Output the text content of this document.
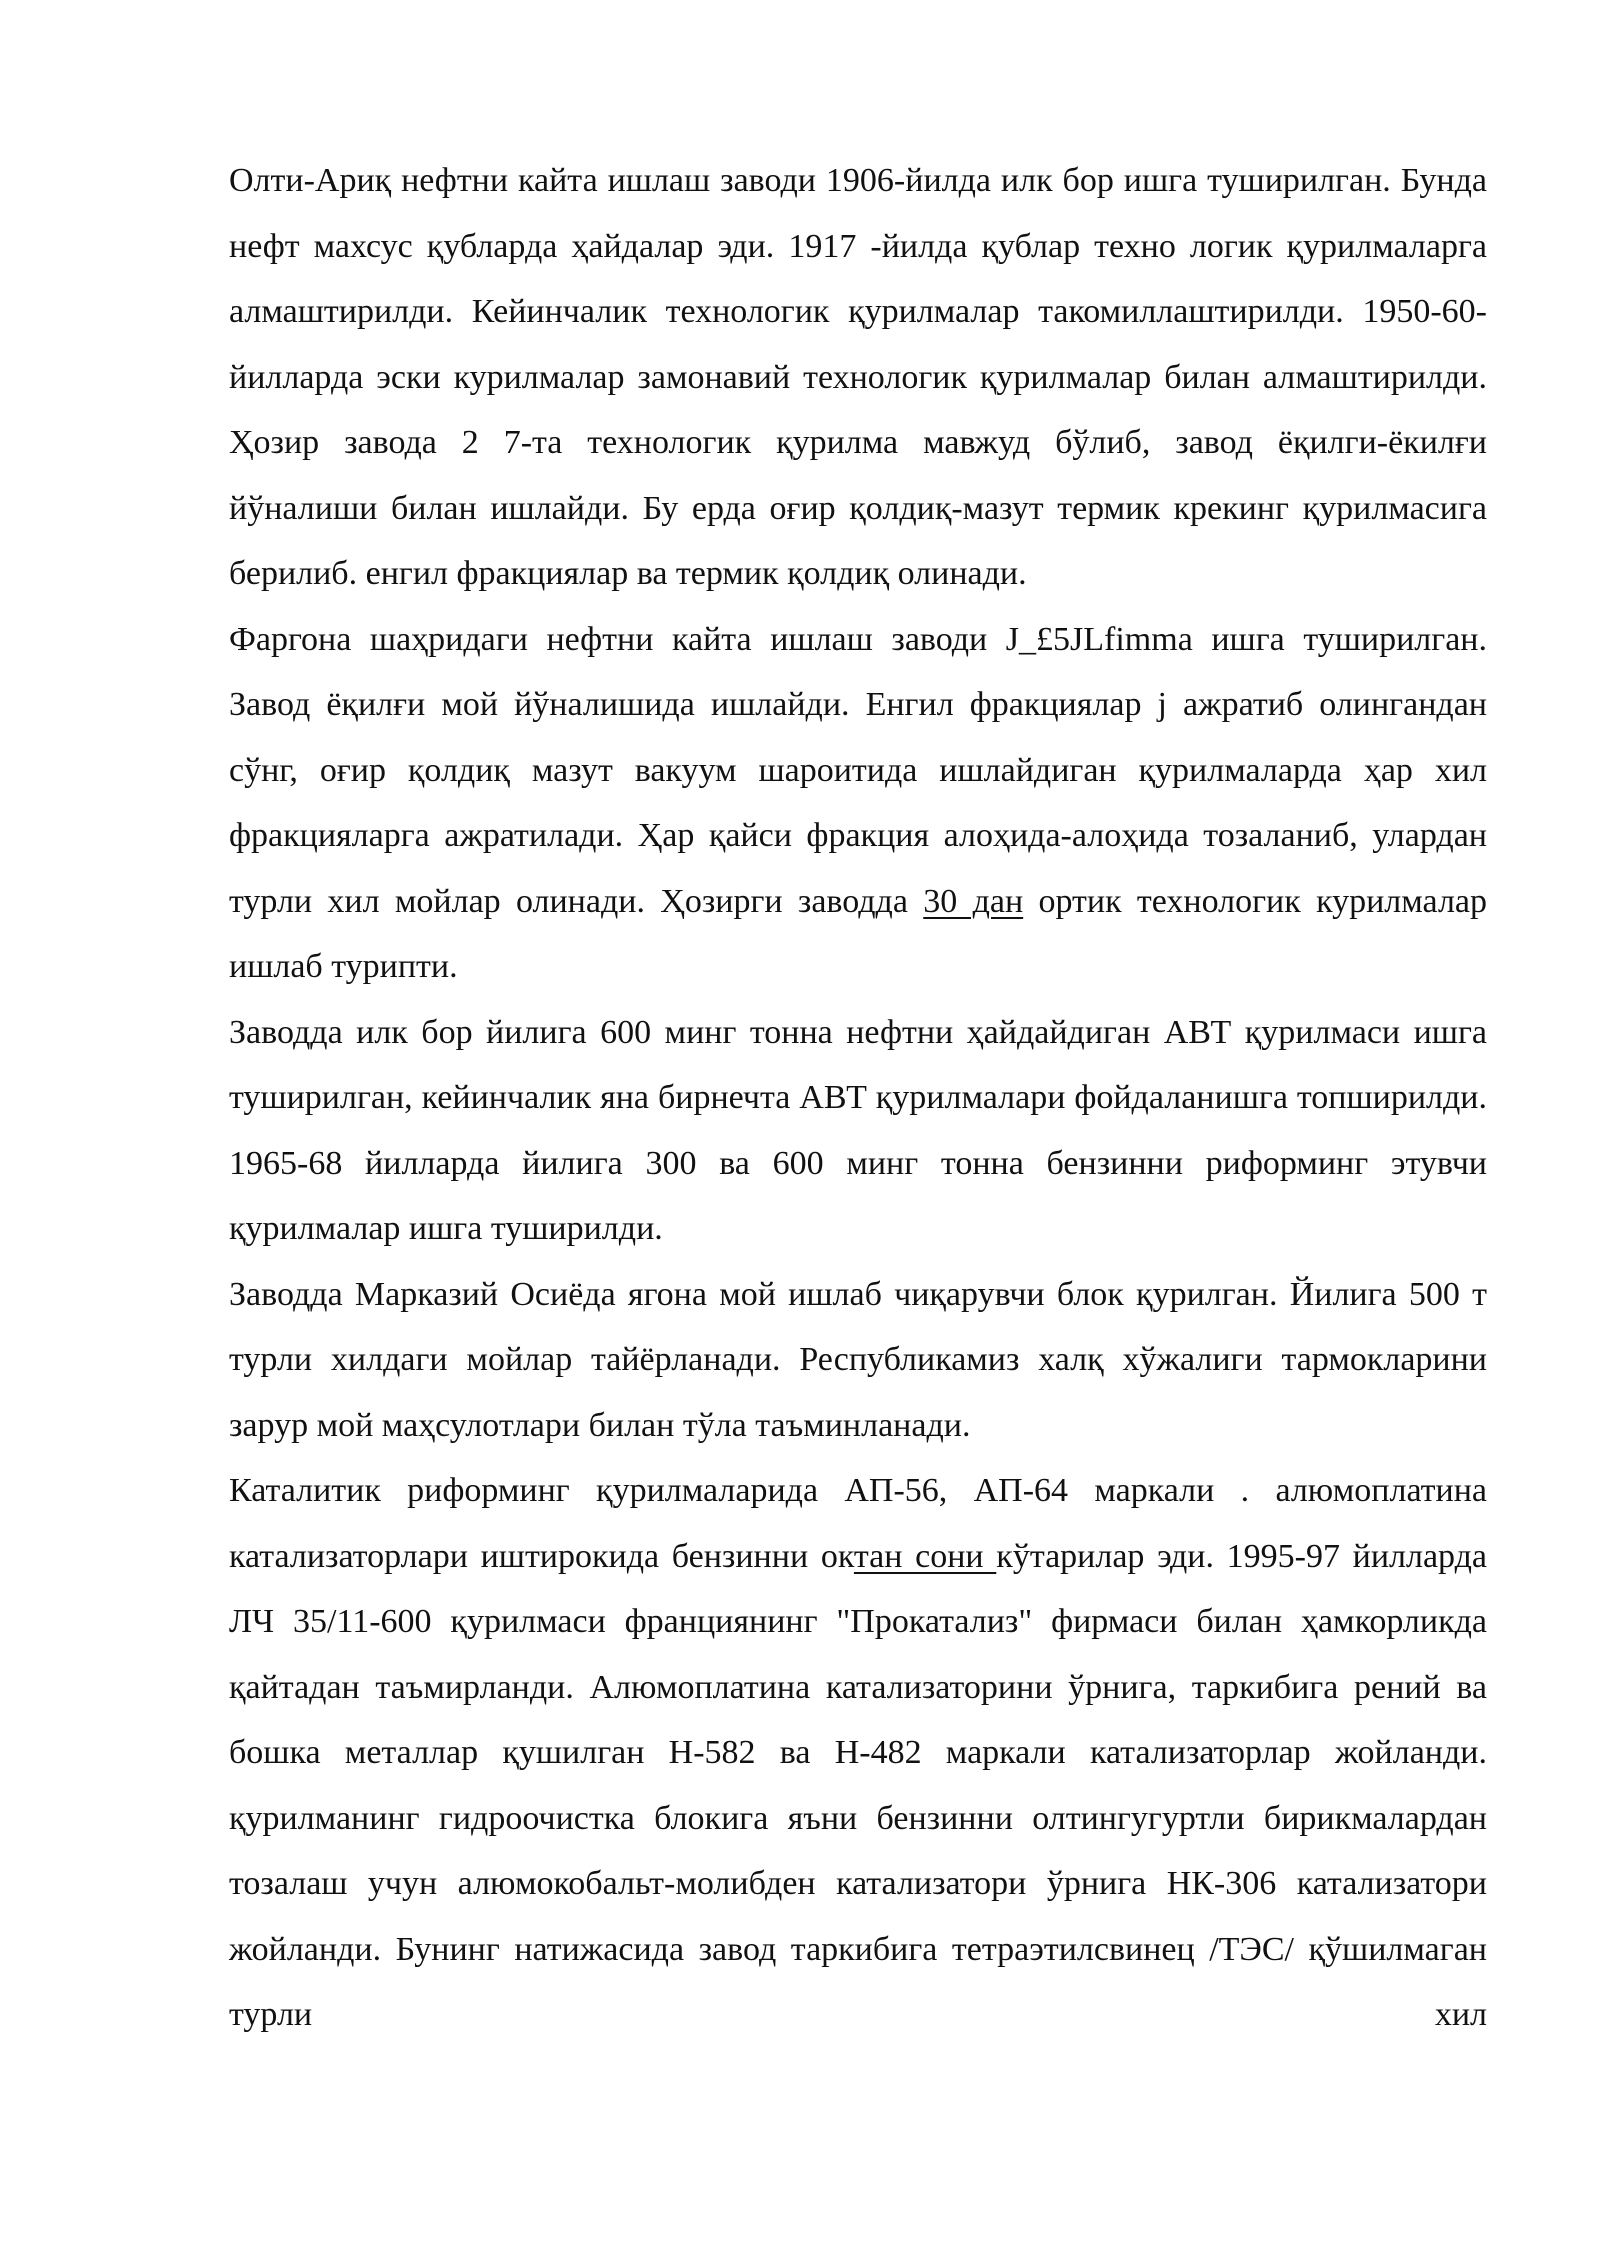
Олти-Ариқ нефтни кайта ишлаш заводи 1906-йилда илк бор ишга туширилган. Бунда нефт махсус қубларда ҳайдалар эди. 1917 -йилда қублар техно логик қурилмаларга алмаштирилди. Кейинчалик технологик қурилмалар такомиллаштирилди. 1950-60-йилларда эски курилмалар замонавий технологик қурилмалар билан алмаштирилди. Ҳозир завода 2 7-та технологик қурилма мавжуд бўлиб, завод ёқилги-ёкилғи йўналиши билан ишлайди. Бу ерда оғир қолдиқ-мазут термик крекинг қурилмасига берилиб. енгил фракциялар ва термик қолдиқ олинади.

Фаргона шаҳридаги нефтни кайта ишлаш заводи J_£5JLfimma ишга туширилган. Завод ёқилғи мой йўналишида ишлайди. Енгил фракциялар j ажратиб олингандан сўнг, оғир қолдиқ мазут вакуум шароитида ишлайдиган қурилмаларда ҳар хил фракцияларга ажратилади. Ҳар қайси фракция алоҳида-алоҳида тозаланиб, улардан турли хил мойлар олинади. Ҳозирги заводда 30 дан ортик технологик курилмалар ишлаб турипти.

Заводда илк бор йилига 600 минг тонна нефтни ҳайдайдиган АВТ қурилмаси ишга туширилган, кейинчалик яна бирнечта АВТ қурилмалари фойдаланишга топширилди. 1965-68 йилларда йилига 300 ва 600 минг тонна бензинни риформинг этувчи қурилмалар ишга туширилди.

Заводда Марказий Осиёда ягона мой ишлаб чиқарувчи блок қурилган. Йилига 500 т турли хилдаги мойлар тайёрланади. Республикамиз халқ хўжалиги тармокларини зарур мой маҳсулотлари билан тўла таъминланади.

Каталитик риформинг қурилмаларида АП-56, АП-64 маркали . алюмоплатина катализаторлари иштирокида бензинни октан сони кўтарилар эди. 1995-97 йилларда ЛЧ 35/11-600 қурилмаси франциянинг "Прокатализ" фирмаси билан ҳамкорликда қайтадан таъмирланди. Алюмоплатина катализаторини ўрнига, таркибига рений ва бошка металлар қушилган Н-582 ва Н-482 маркали катализаторлар жойланди. қурилманинг гидроочистка блокига яъни бензинни олтингугуртли бирикмалардан тозалаш учун алюмокобальт-молибден катализатори ўрнига НК-306 катализатори жойланди. Бунинг натижасида завод таркибига тетраэтилсвинец /ТЭС/ қўшилмаган турли хил
